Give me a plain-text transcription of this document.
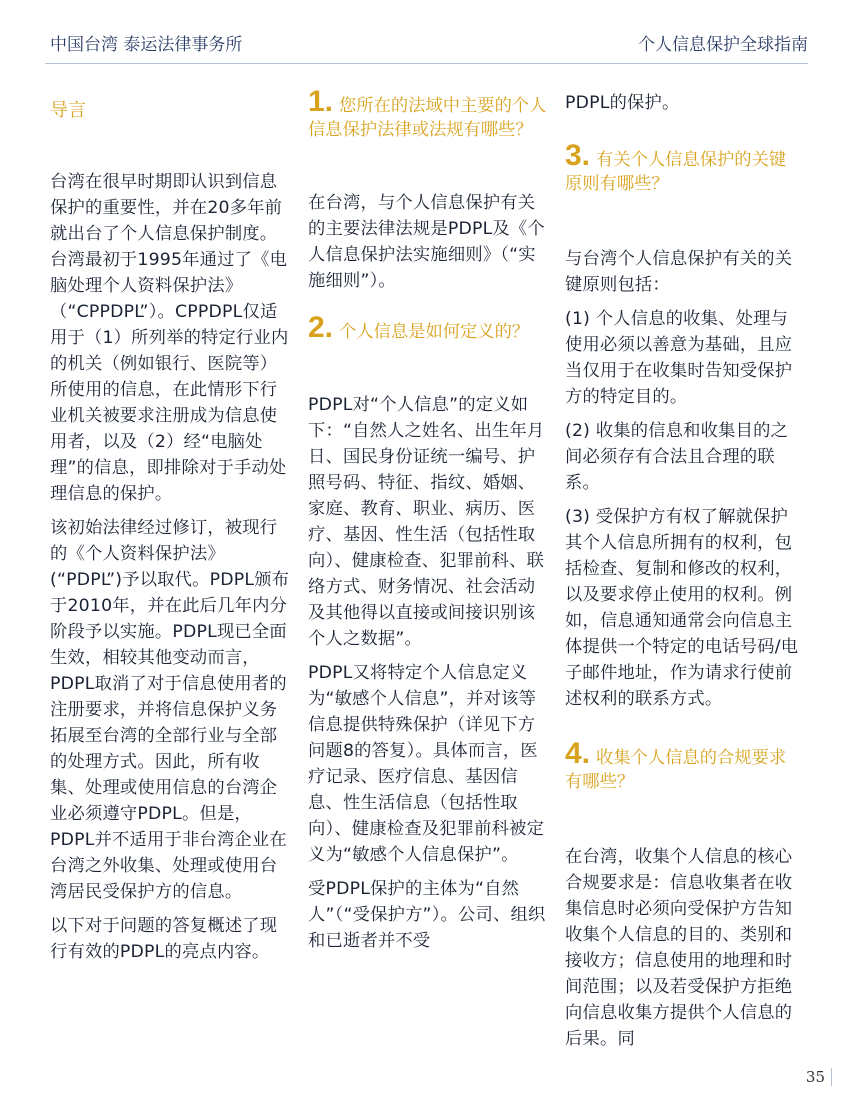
中国台湾 泰运法律事务所	个人信息保护全球指南
导言

台湾在很早时期即认识到信息保护的重要性，并在20多年前就出台了个人信息保护制度。台湾最初于1995年通过了《电脑处理个人资料保护法》（“CPPDPL”）。CPPDPL仅适用于（1）所列举的特定行业内的机关（例如银行、医院等）所使用的信息，在此情形下行业机关被要求注册成为信息使用者，以及（2）经“电脑处理”的信息，即排除对于手动处理信息的保护。

该初始法律经过修订，被现行的《个人资料保护法》(“PDPL”)予以取代。PDPL颁布于2010年，并在此后几年内分阶段予以实施。PDPL现已全面生效，相较其他变动而言，PDPL取消了对于信息使用者的注册要求，并将信息保护义务拓展至台湾的全部行业与全部的处理方式。因此，所有收集、处理或使用信息的台湾企业必须遵守PDPL。但是，PDPL并不适用于非台湾企业在台湾之外收集、处理或使用台湾居民受保护方的信息。

以下对于问题的答复概述了现行有效的PDPL的亮点内容。

1. 您所在的法域中主要的个人信息保护法律或法规有哪些？

在台湾，与个人信息保护有关的主要法律法规是PDPL及《个人信息保护法实施细则》（“实施细则”）。

2. 个人信息是如何定义的？

PDPL对“个人信息”的定义如下：“自然人之姓名、出生年月日、国民身份证统一编号、护照号码、特征、指纹、婚姻、家庭、教育、职业、病历、医疗、基因、性生活（包括性取向）、健康检查、犯罪前科、联络方式、财务情况、社会活动及其他得以直接或间接识别该个人之数据”。

PDPL又将特定个人信息定义为“敏感个人信息”，并对该等信息提供特殊保护（详见下方问题8的答复）。具体而言，医疗记录、医疗信息、基因信息、性生活信息（包括性取向）、健康检查及犯罪前科被定义为“敏感个人信息保护”。

受PDPL保护的主体为“自然人”（“受保护方”）。公司、组织和已逝者并不受

PDPL的保护。

3. 有关个人信息保护的关键原则有哪些？

与台湾个人信息保护有关的关键原则包括：

(1) 个人信息的收集、处理与使用必须以善意为基础，且应当仅用于在收集时告知受保护方的特定目的。

(2) 收集的信息和收集目的之间必须存有合法且合理的联系。

(3) 受保护方有权了解就保护其个人信息所拥有的权利，包括检查、复制和修改的权利，以及要求停止使用的权利。例如，信息通知通常会向信息主体提供一个特定的电话号码/电子邮件地址，作为请求行使前述权利的联系方式。

4. 收集个人信息的合规要求有哪些？

在台湾，收集个人信息的核心合规要求是：信息收集者在收集信息时必须向受保护方告知收集个人信息的目的、类别和接收方；信息使用的地理和时间范围；以及若受保护方拒绝向信息收集方提供个人信息的后果。同

35
